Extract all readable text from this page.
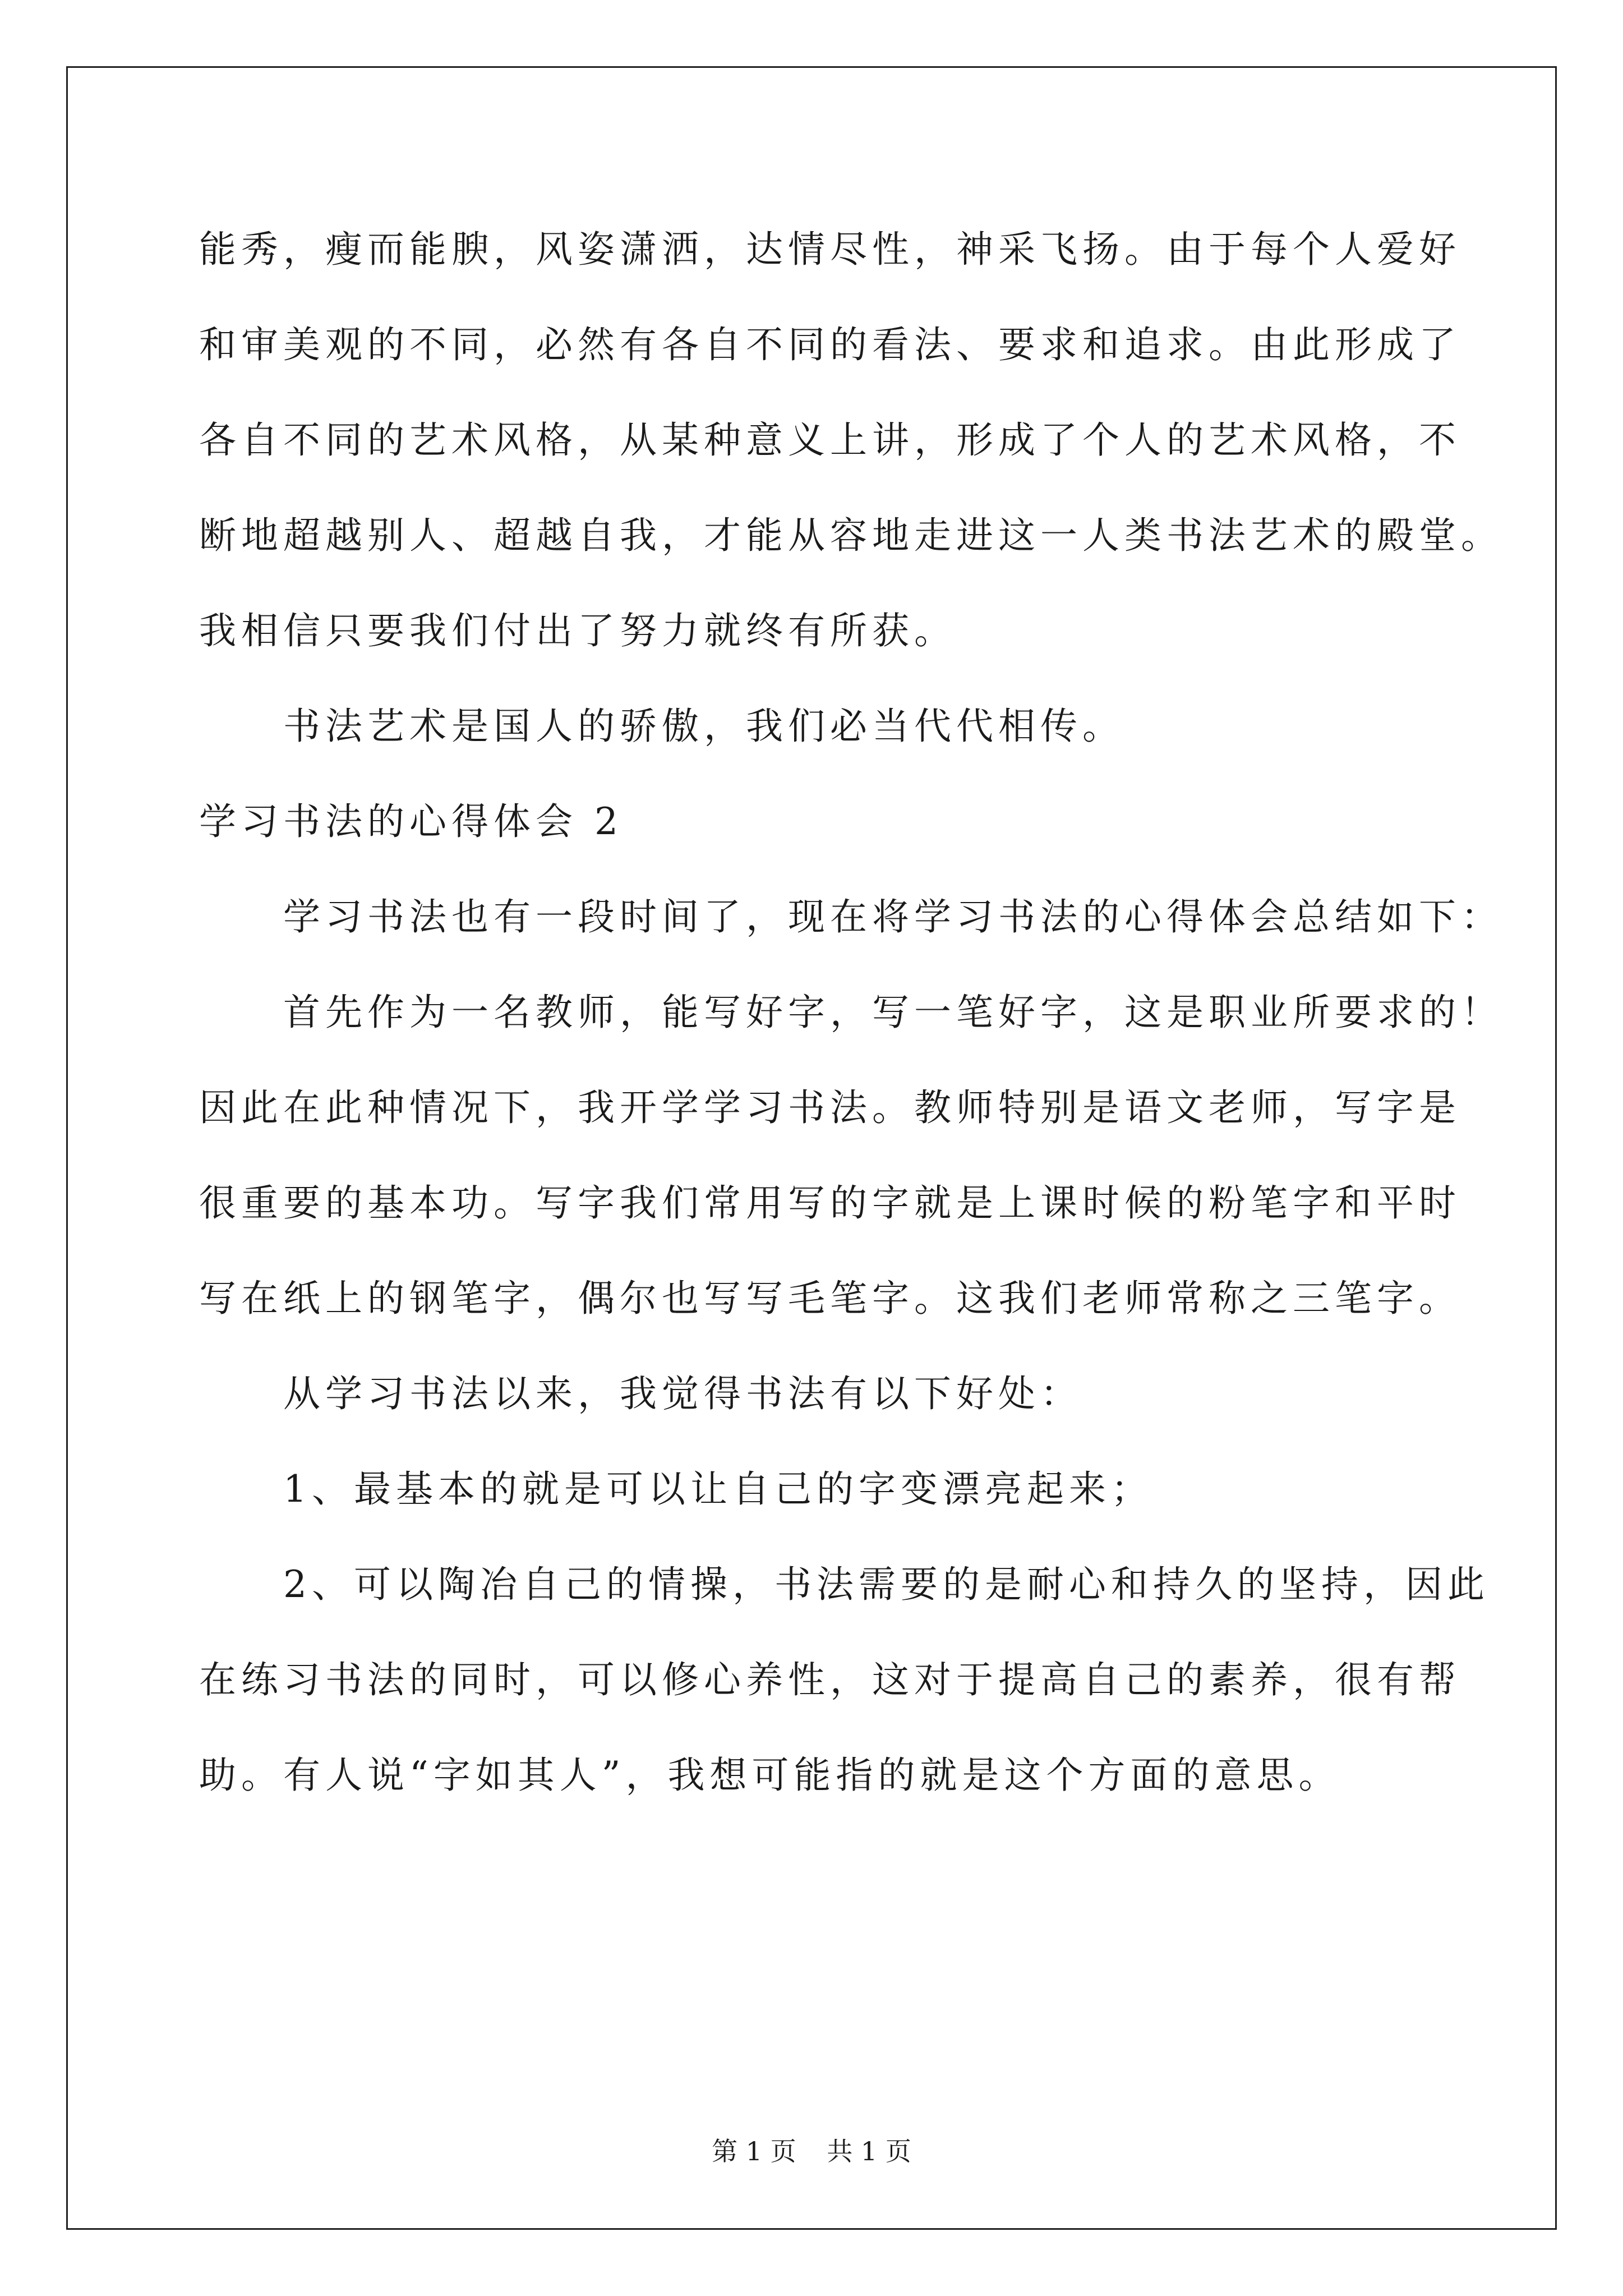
能秀，瘦而能腴，风姿潇洒，达情尽性，神采飞扬。由于每个人爱好
和审美观的不同，必然有各自不同的看法、要求和追求。由此形成了
各自不同的艺术风格，从某种意义上讲，形成了个人的艺术风格，不
断地超越别人、超越自我，才能从容地走进这一人类书法艺术的殿堂。
我相信只要我们付出了努力就终有所获。
书法艺术是国人的骄傲，我们必当代代相传。
学习书法的心得体会 2
学习书法也有一段时间了，现在将学习书法的心得体会总结如下：
首先作为一名教师，能写好字，写一笔好字，这是职业所要求的！
因此在此种情况下，我开学学习书法。教师特别是语文老师，写字是
很重要的基本功。写字我们常用写的字就是上课时候的粉笔字和平时
写在纸上的钢笔字，偶尔也写写毛笔字。这我们老师常称之三笔字。
从学习书法以来，我觉得书法有以下好处：
1、最基本的就是可以让自己的字变漂亮起来；
2、可以陶冶自己的情操，书法需要的是耐心和持久的坚持，因此
在练习书法的同时，可以修心养性，这对于提高自己的素养，很有帮
助。有人说“字如其人”，我想可能指的就是这个方面的意思。
第 1 页 共 1 页
